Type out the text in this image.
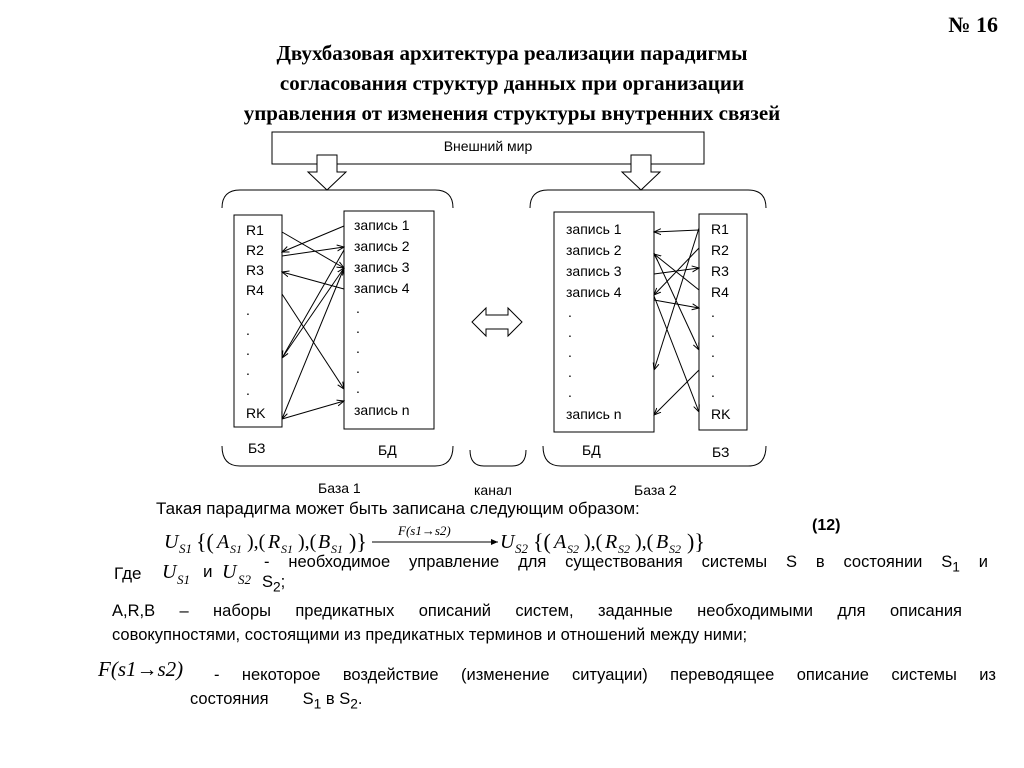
№ 16
Двухбазовая архитектура реализации парадигмы
согласования структур данных при организации
управления от изменения структуры внутренних связей
Внешний мир
R1
R2
R3
R4
.
.
.
.
.
RK
запись 1
запись 2
запись 3
запись 4
.
.
.
.
.
запись n
запись 1
запись 2
запись 3
запись 4
.
.
.
.
.
запись n
R1
R2
R3
R4
.
.
.
.
.
RK
БЗ	БД	БД	БЗ
База 1	канал	База 2
Такая парадигма может быть записана следующим образом:
(12)
U S1 {( A S1 ),( R S1 ),( B S1 )} F(s1→s2)
U S2 {( A S2 ),( R S2 ),( B S2 )}
Где U S1 и U S2
- необходимое управление для существования системы S в состоянии $S_1$ и
$S_2$;
A,R,B – наборы предикатных описаний систем, заданные необходимыми для описания
совокупностями, состоящими из предикатных терминов и отношений между ними;
F(s1→s2) - некоторое воздействие (изменение ситуации) переводящее описание системы из
состояния $S_1$ в $S_2$.
